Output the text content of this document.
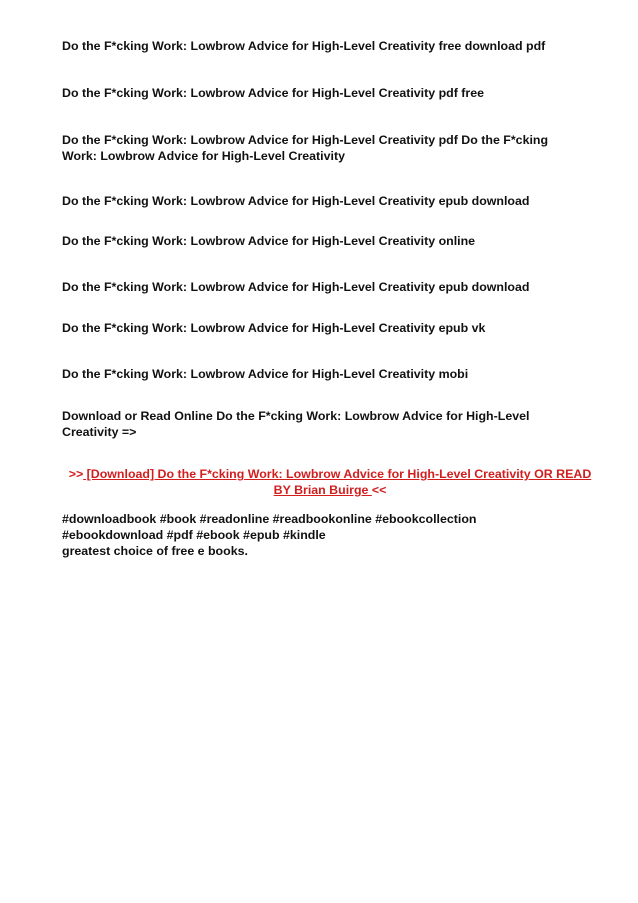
Do the F*cking Work: Lowbrow Advice for High-Level Creativity free download pdf

Do the F*cking Work: Lowbrow Advice for High-Level Creativity pdf free

Do the F*cking Work: Lowbrow Advice for High-Level Creativity pdf Do the F*cking Work: Lowbrow Advice for High-Level Creativity

Do the F*cking Work: Lowbrow Advice for High-Level Creativity epub download

Do the F*cking Work: Lowbrow Advice for High-Level Creativity online

Do the F*cking Work: Lowbrow Advice for High-Level Creativity epub download

Do the F*cking Work: Lowbrow Advice for High-Level Creativity epub vk

Do the F*cking Work: Lowbrow Advice for High-Level Creativity mobi

Download or Read Online Do the F*cking Work: Lowbrow Advice for High-Level Creativity =>

>> [Download] Do the F*cking Work: Lowbrow Advice for High-Level Creativity OR READ BY Brian Buirge <<

#downloadbook #book #readonline #readbookonline #ebookcollection
#ebookdownload #pdf #ebook #epub #kindle
greatest choice of free e books.
